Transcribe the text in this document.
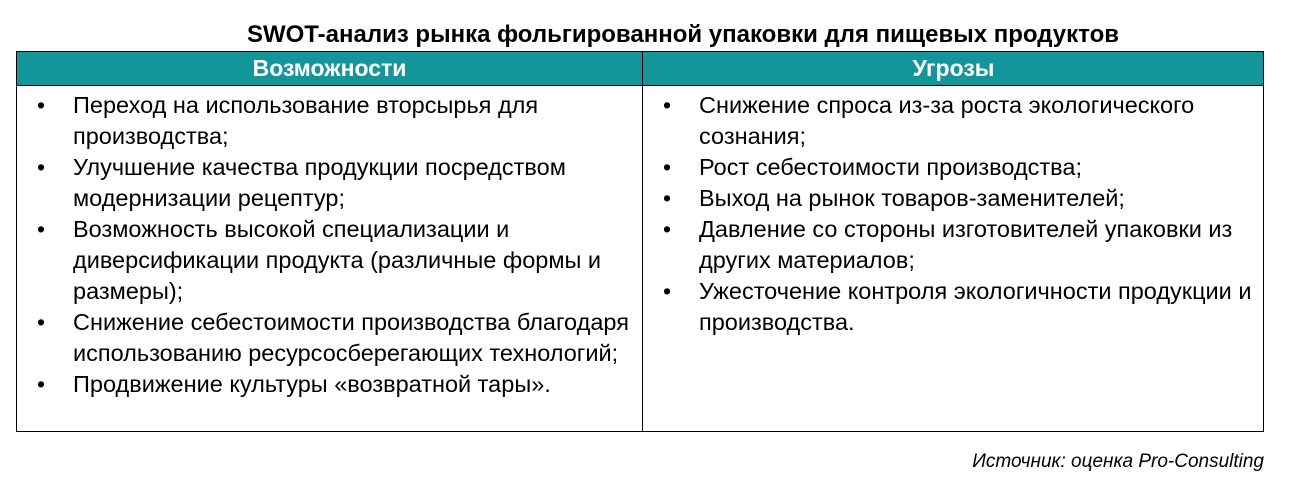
SWOT-анализ рынка фольгированной упаковки для пищевых продуктов
Возможности	Угрозы
• Переход на использование вторсырья для производства;
• Улучшение качества продукции посредством модернизации рецептур;
• Возможность высокой специализации и диверсификации продукта (различные формы и размеры);
• Снижение себестоимости производства благодаря использованию ресурсосберегающих технологий;
• Продвижение культуры «возвратной тары».
• Снижение спроса из-за роста экологического сознания;
• Рост себестоимости производства;
• Выход на рынок товаров-заменителей;
• Давление со стороны изготовителей упаковки из других материалов;
• Ужесточение контроля экологичности продукции и производства.
Источник: оценка Pro-Consulting
